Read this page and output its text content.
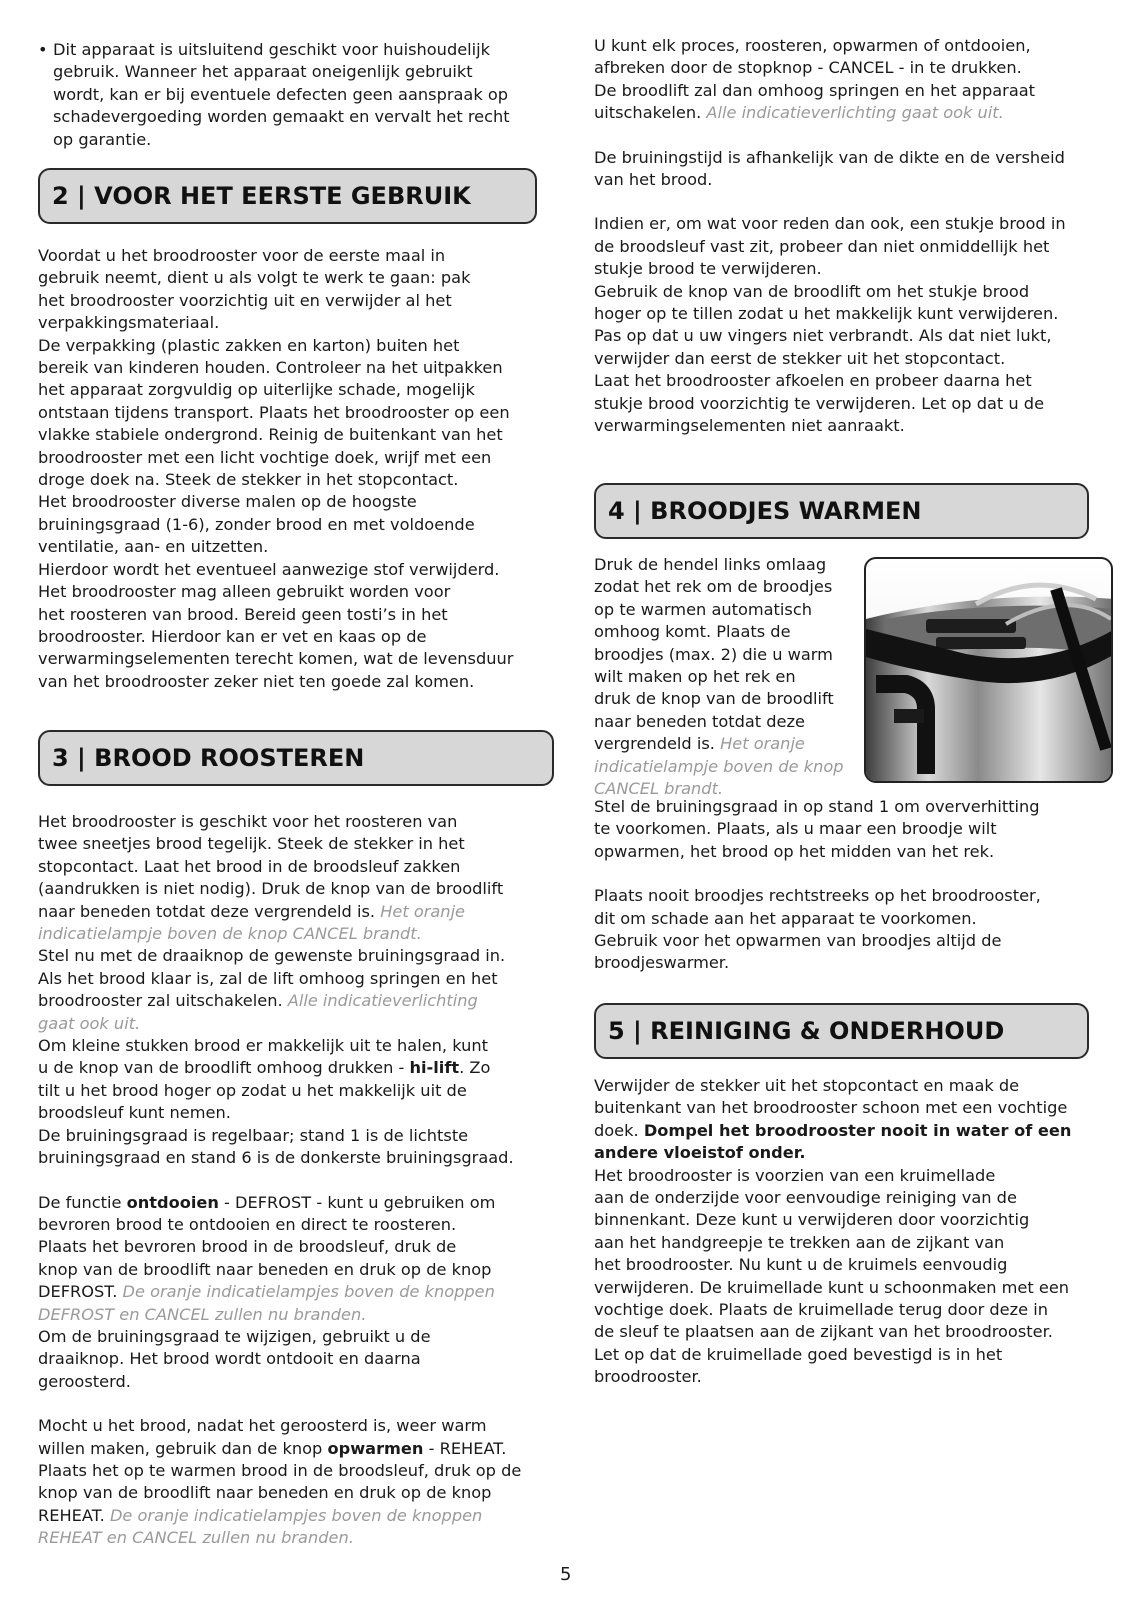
• Dit apparaat is uitsluitend geschikt voor huishoudelijk
gebruik. Wanneer het apparaat oneigenlijk gebruikt
wordt, kan er bij eventuele defecten geen aanspraak op
schadevergoeding worden gemaakt en vervalt het recht
op garantie.
2 | VOOR HET EERSTE GEBRUIK
Voordat u het broodrooster voor de eerste maal in
gebruik neemt, dient u als volgt te werk te gaan: pak
het broodrooster voorzichtig uit en verwijder al het
verpakkingsmateriaal.
De verpakking (plastic zakken en karton) buiten het
bereik van kinderen houden. Controleer na het uitpakken
het apparaat zorgvuldig op uiterlijke schade, mogelijk
ontstaan tijdens transport. Plaats het broodrooster op een
vlakke stabiele ondergrond. Reinig de buitenkant van het
broodrooster met een licht vochtige doek, wrijf met een
droge doek na. Steek de stekker in het stopcontact.
Het broodrooster diverse malen op de hoogste
bruiningsgraad (1-6), zonder brood en met voldoende
ventilatie, aan- en uitzetten.
Hierdoor wordt het eventueel aanwezige stof verwijderd.
Het broodrooster mag alleen gebruikt worden voor
het roosteren van brood. Bereid geen tosti’s in het
broodrooster. Hierdoor kan er vet en kaas op de
verwarmingselementen terecht komen, wat de levensduur
van het broodrooster zeker niet ten goede zal komen.
3 | BROOD ROOSTEREN
Het broodrooster is geschikt voor het roosteren van
twee sneetjes brood tegelijk. Steek de stekker in het
stopcontact. Laat het brood in de broodsleuf zakken
(aandrukken is niet nodig). Druk de knop van de broodlift
naar beneden totdat deze vergrendeld is. Het oranje
indicatielampje boven de knop CANCEL brandt.
Stel nu met de draaiknop de gewenste bruiningsgraad in.
Als het brood klaar is, zal de lift omhoog springen en het
broodrooster zal uitschakelen. Alle indicatieverlichting
gaat ook uit.
Om kleine stukken brood er makkelijk uit te halen, kunt
u de knop van de broodlift omhoog drukken - hi-lift. Zo
tilt u het brood hoger op zodat u het makkelijk uit de
broodsleuf kunt nemen.
De bruiningsgraad is regelbaar; stand 1 is de lichtste
bruiningsgraad en stand 6 is de donkerste bruiningsgraad.
De functie ontdooien - DEFROST - kunt u gebruiken om
bevroren brood te ontdooien en direct te roosteren.
Plaats het bevroren brood in de broodsleuf, druk de
knop van de broodlift naar beneden en druk op de knop
DEFROST. De oranje indicatielampjes boven de knoppen
DEFROST en CANCEL zullen nu branden.
Om de bruiningsgraad te wijzigen, gebruikt u de
draaiknop. Het brood wordt ontdooit en daarna
geroosterd.
Mocht u het brood, nadat het geroosterd is, weer warm
willen maken, gebruik dan de knop opwarmen - REHEAT.
Plaats het op te warmen brood in de broodsleuf, druk op de
knop van de broodlift naar beneden en druk op de knop
REHEAT. De oranje indicatielampjes boven de knoppen
REHEAT en CANCEL zullen nu branden.
U kunt elk proces, roosteren, opwarmen of ontdooien,
afbreken door de stopknop - CANCEL - in te drukken.
De broodlift zal dan omhoog springen en het apparaat
uitschakelen. Alle indicatieverlichting gaat ook uit.
De bruiningstijd is afhankelijk van de dikte en de versheid
van het brood.
Indien er, om wat voor reden dan ook, een stukje brood in
de broodsleuf vast zit, probeer dan niet onmiddellijk het
stukje brood te verwijderen.
Gebruik de knop van de broodlift om het stukje brood
hoger op te tillen zodat u het makkelijk kunt verwijderen.
Pas op dat u uw vingers niet verbrandt. Als dat niet lukt,
verwijder dan eerst de stekker uit het stopcontact.
Laat het broodrooster afkoelen en probeer daarna het
stukje brood voorzichtig te verwijderen. Let op dat u de
verwarmingselementen niet aanraakt.
4 | BROODJES WARMEN
Druk de hendel links omlaag
zodat het rek om de broodjes
op te warmen automatisch
omhoog komt. Plaats de
broodjes (max. 2) die u warm
wilt maken op het rek en
druk de knop van de broodlift
naar beneden totdat deze
vergrendeld is. Het oranje
indicatielampje boven de knop
CANCEL brandt.
Stel de bruiningsgraad in op stand 1 om oververhitting
te voorkomen. Plaats, als u maar een broodje wilt
opwarmen, het brood op het midden van het rek.
Plaats nooit broodjes rechtstreeks op het broodrooster,
dit om schade aan het apparaat te voorkomen.
Gebruik voor het opwarmen van broodjes altijd de
broodjeswarmer.
5 | REINIGING & ONDERHOUD
Verwijder de stekker uit het stopcontact en maak de
buitenkant van het broodrooster schoon met een vochtige
doek. Dompel het broodrooster nooit in water of een
andere vloeistof onder.
Het broodrooster is voorzien van een kruimellade
aan de onderzijde voor eenvoudige reiniging van de
binnenkant. Deze kunt u verwijderen door voorzichtig
aan het handgreepje te trekken aan de zijkant van
het broodrooster. Nu kunt u de kruimels eenvoudig
verwijderen. De kruimellade kunt u schoonmaken met een
vochtige doek. Plaats de kruimellade terug door deze in
de sleuf te plaatsen aan de zijkant van het broodrooster.
Let op dat de kruimellade goed bevestigd is in het
broodrooster.
5
